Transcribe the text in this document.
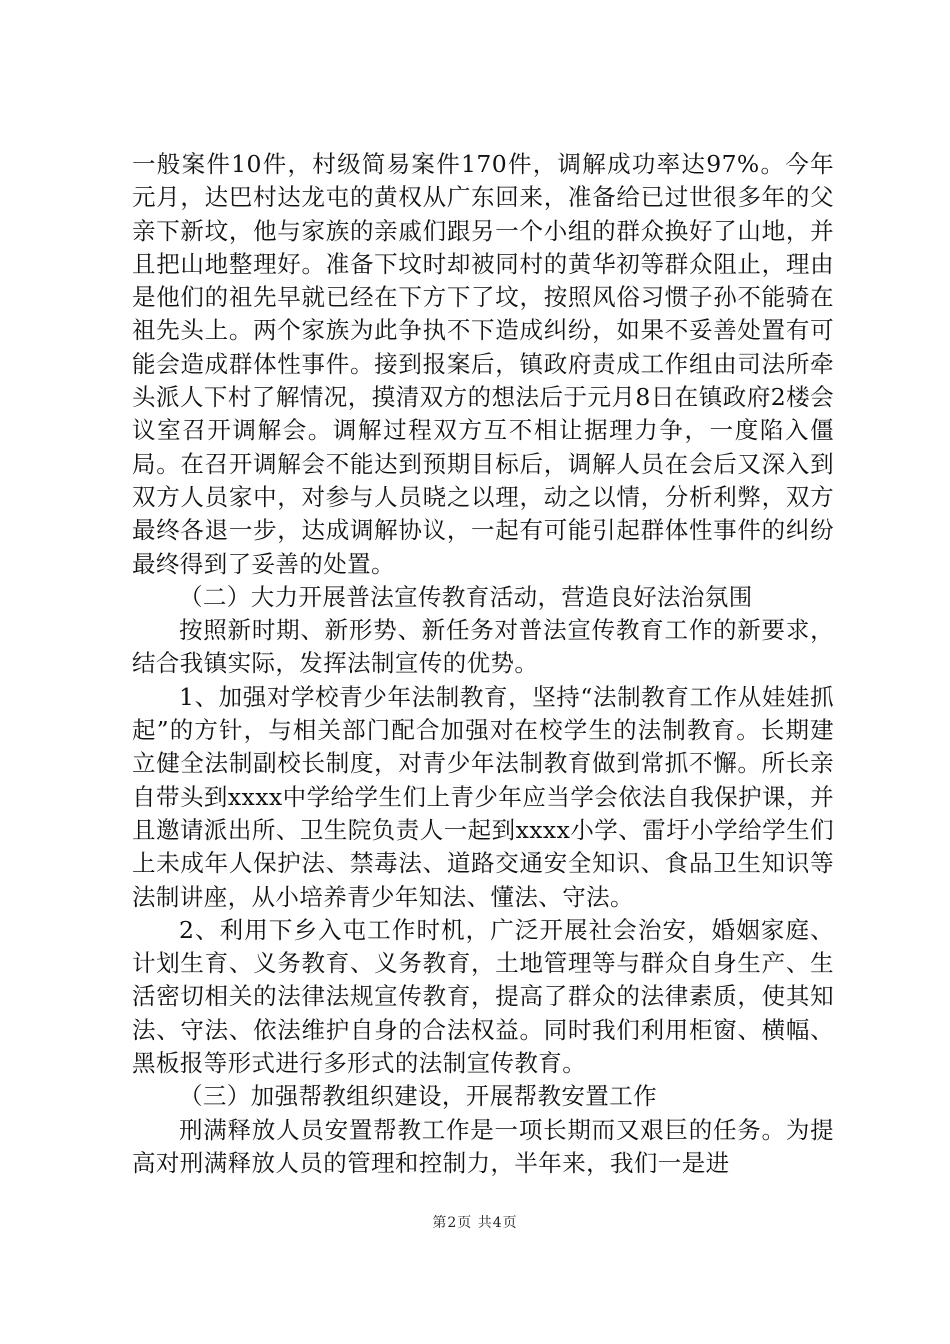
一般案件10件，村级简易案件170件，调解成功率达97%。今年元月，达巴村达龙屯的黄权从广东回来，准备给已过世很多年的父亲下新坟，他与家族的亲戚们跟另一个小组的群众换好了山地，并且把山地整理好。准备下坟时却被同村的黄华初等群众阻止，理由是他们的祖先早就已经在下方下了坟，按照风俗习惯子孙不能骑在祖先头上。两个家族为此争执不下造成纠纷，如果不妥善处置有可能会造成群体性事件。接到报案后，镇政府责成工作组由司法所牵头派人下村了解情况，摸清双方的想法后于元月8日在镇政府2楼会议室召开调解会。调解过程双方互不相让据理力争，一度陷入僵局。在召开调解会不能达到预期目标后，调解人员在会后又深入到双方人员家中，对参与人员晓之以理，动之以情，分析利弊，双方最终各退一步，达成调解协议，一起有可能引起群体性事件的纠纷最终得到了妥善的处置。

（二）大力开展普法宣传教育活动，营造良好法治氛围

按照新时期、新形势、新任务对普法宣传教育工作的新要求，结合我镇实际，发挥法制宣传的优势。

1、加强对学校青少年法制教育，坚持“法制教育工作从娃娃抓起”的方针，与相关部门配合加强对在校学生的法制教育。长期建立健全法制副校长制度，对青少年法制教育做到常抓不懈。所长亲自带头到xxxx中学给学生们上青少年应当学会依法自我保护课，并且邀请派出所、卫生院负责人一起到xxxx小学、雷圩小学给学生们上未成年人保护法、禁毒法、道路交通安全知识、食品卫生知识等法制讲座，从小培养青少年知法、懂法、守法。

2、利用下乡入屯工作时机，广泛开展社会治安，婚姻家庭、计划生育、义务教育、义务教育，土地管理等与群众自身生产、生活密切相关的法律法规宣传教育，提高了群众的法律素质，使其知法、守法、依法维护自身的合法权益。同时我们利用柜窗、横幅、黑板报等形式进行多形式的法制宣传教育。

（三）加强帮教组织建设，开展帮教安置工作

刑满释放人员安置帮教工作是一项长期而又艰巨的任务。为提高对刑满释放人员的管理和控制力，半年来，我们一是进

第2页 共4页
